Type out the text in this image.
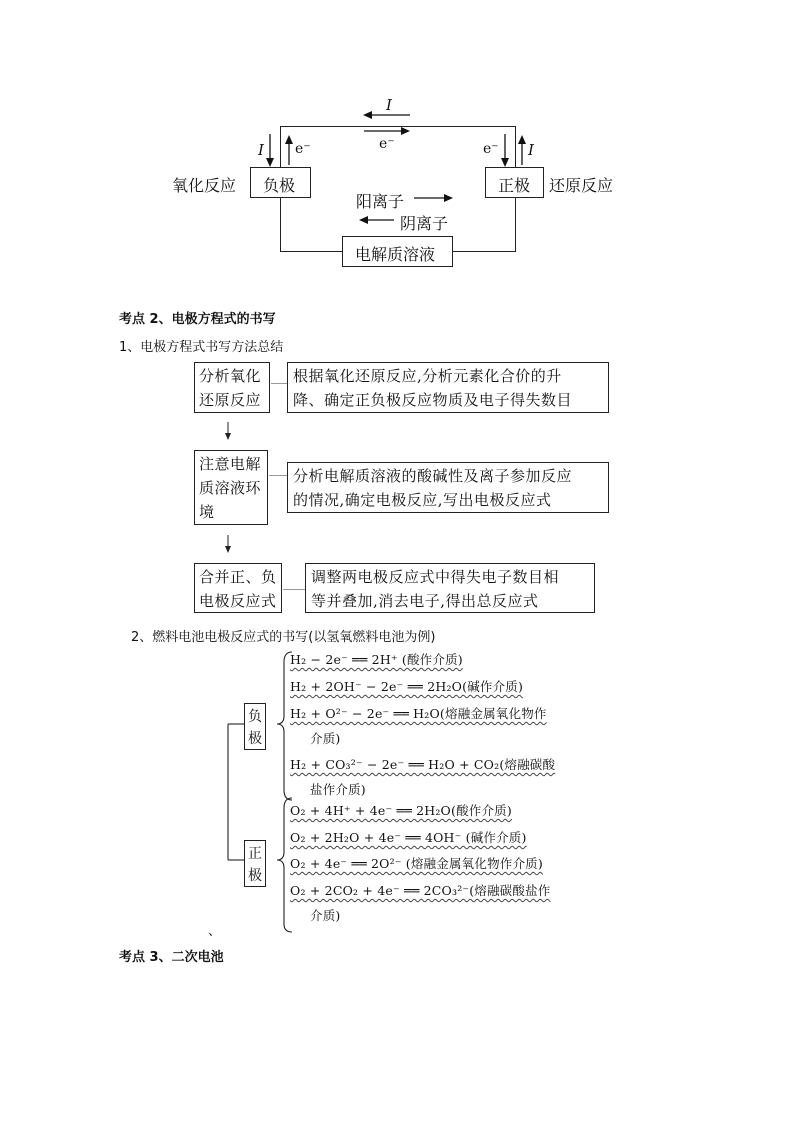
I
e⁻
I e⁻	e⁻ I
氧化反应 负极	正极 还原反应
阳离子
阴离子
电解质溶液
考点 2、电极方程式的书写
1、电极方程式书写方法总结
分析氧化
还原反应
根据氧化还原反应,分析元素化合价的升
降、确定正负极反应物质及电子得失数目
注意电解
质溶液环
境
分析电解质溶液的酸碱性及离子参加反应
的情况,确定电极反应,写出电极反应式
合并正、负
电极反应式
调整两电极反应式中得失电子数目相
等并叠加,消去电子,得出总反应式
2、燃料电池电极反应式的书写(以氢氧燃料电池为例)
负
极
正
极
H₂ − 2e⁻ ══ 2H⁺ (酸作介质)
H₂ + 2OH⁻ − 2e⁻ ══ 2H₂O(碱作介质)
H₂ + O²⁻ − 2e⁻ ══ H₂O(熔融金属氧化物作
介质)
H₂ + CO₃²⁻ − 2e⁻ ══ H₂O + CO₂(熔融碳酸
盐作介质)
O₂ + 4H⁺ + 4e⁻ ══ 2H₂O(酸作介质)
O₂ + 2H₂O + 4e⁻ ══ 4OH⁻ (碱作介质)
O₂ + 4e⁻ ══ 2O²⁻ (熔融金属氧化物作介质)
O₂ + 2CO₂ + 4e⁻ ══ 2CO₃²⁻(熔融碳酸盐作
介质)
、
考点 3、二次电池
